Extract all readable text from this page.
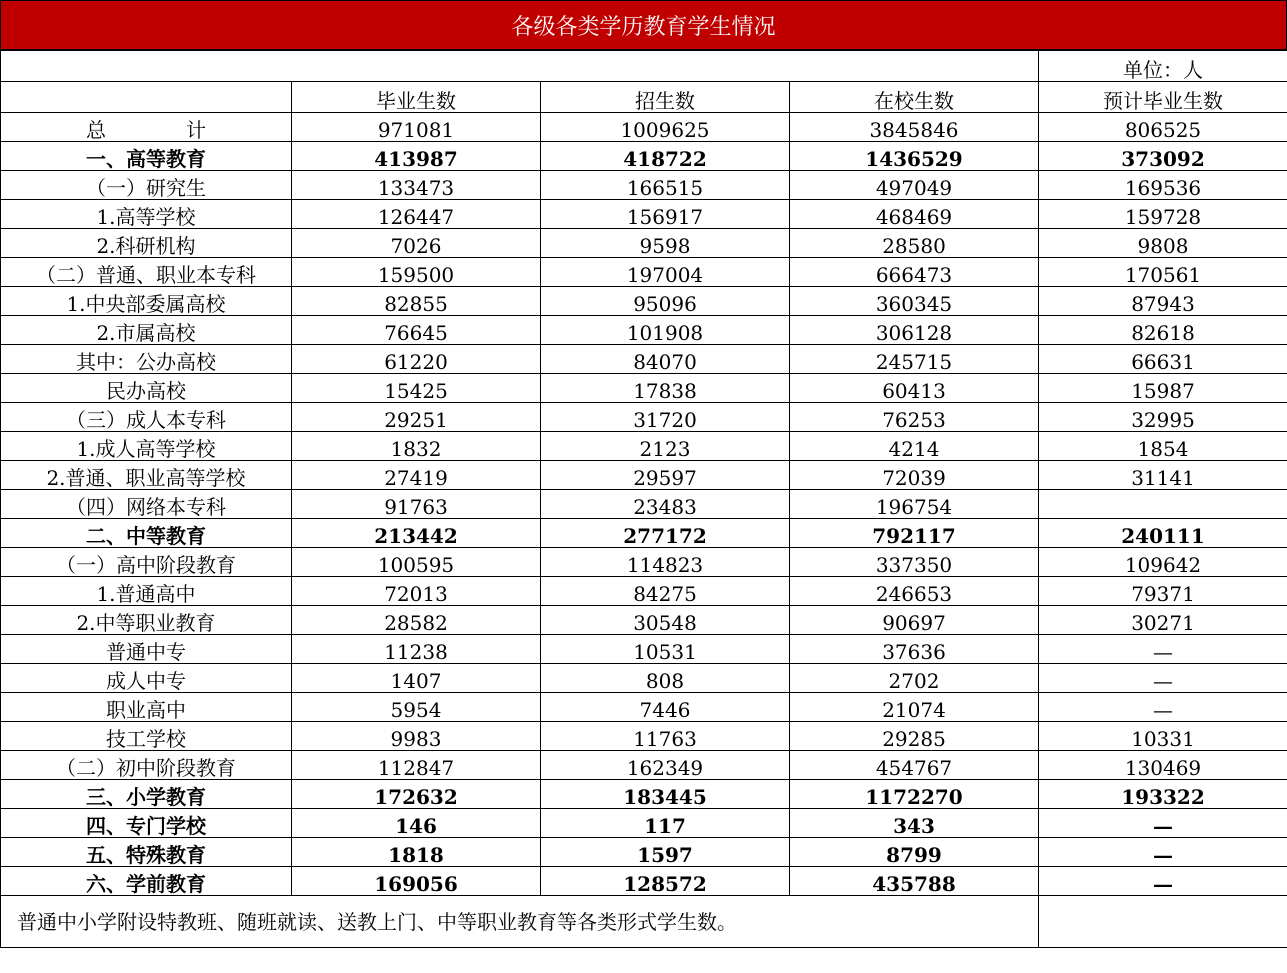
各级各类学历教育学生情况
				单位：人
	毕业生数	招生数	在校生数	预计毕业生数
总　　　　计	971081	1009625	3845846	806525
一、高等教育	413987	418722	1436529	373092
（一）研究生	133473	166515	497049	169536
1.高等学校	126447	156917	468469	159728
2.科研机构	7026	9598	28580	9808
（二）普通、职业本专科	159500	197004	666473	170561
1.中央部委属高校	82855	95096	360345	87943
2.市属高校	76645	101908	306128	82618
其中：公办高校	61220	84070	245715	66631
民办高校	15425	17838	60413	15987
（三）成人本专科	29251	31720	76253	32995
1.成人高等学校	1832	2123	4214	1854
2.普通、职业高等学校	27419	29597	72039	31141
（四）网络本专科	91763	23483	196754	
二、中等教育	213442	277172	792117	240111
（一）高中阶段教育	100595	114823	337350	109642
1.普通高中	72013	84275	246653	79371
2.中等职业教育	28582	30548	90697	30271
普通中专	11238	10531	37636	—
成人中专	1407	808	2702	—
职业高中	5954	7446	21074	—
技工学校	9983	11763	29285	10331
（二）初中阶段教育	112847	162349	454767	130469
三、小学教育	172632	183445	1172270	193322
四、专门学校	146	117	343	—
五、特殊教育	1818	1597	8799	—
六、学前教育	169056	128572	435788	—
普通中小学附设特教班、随班就读、送教上门、中等职业教育等各类形式学生数。				
